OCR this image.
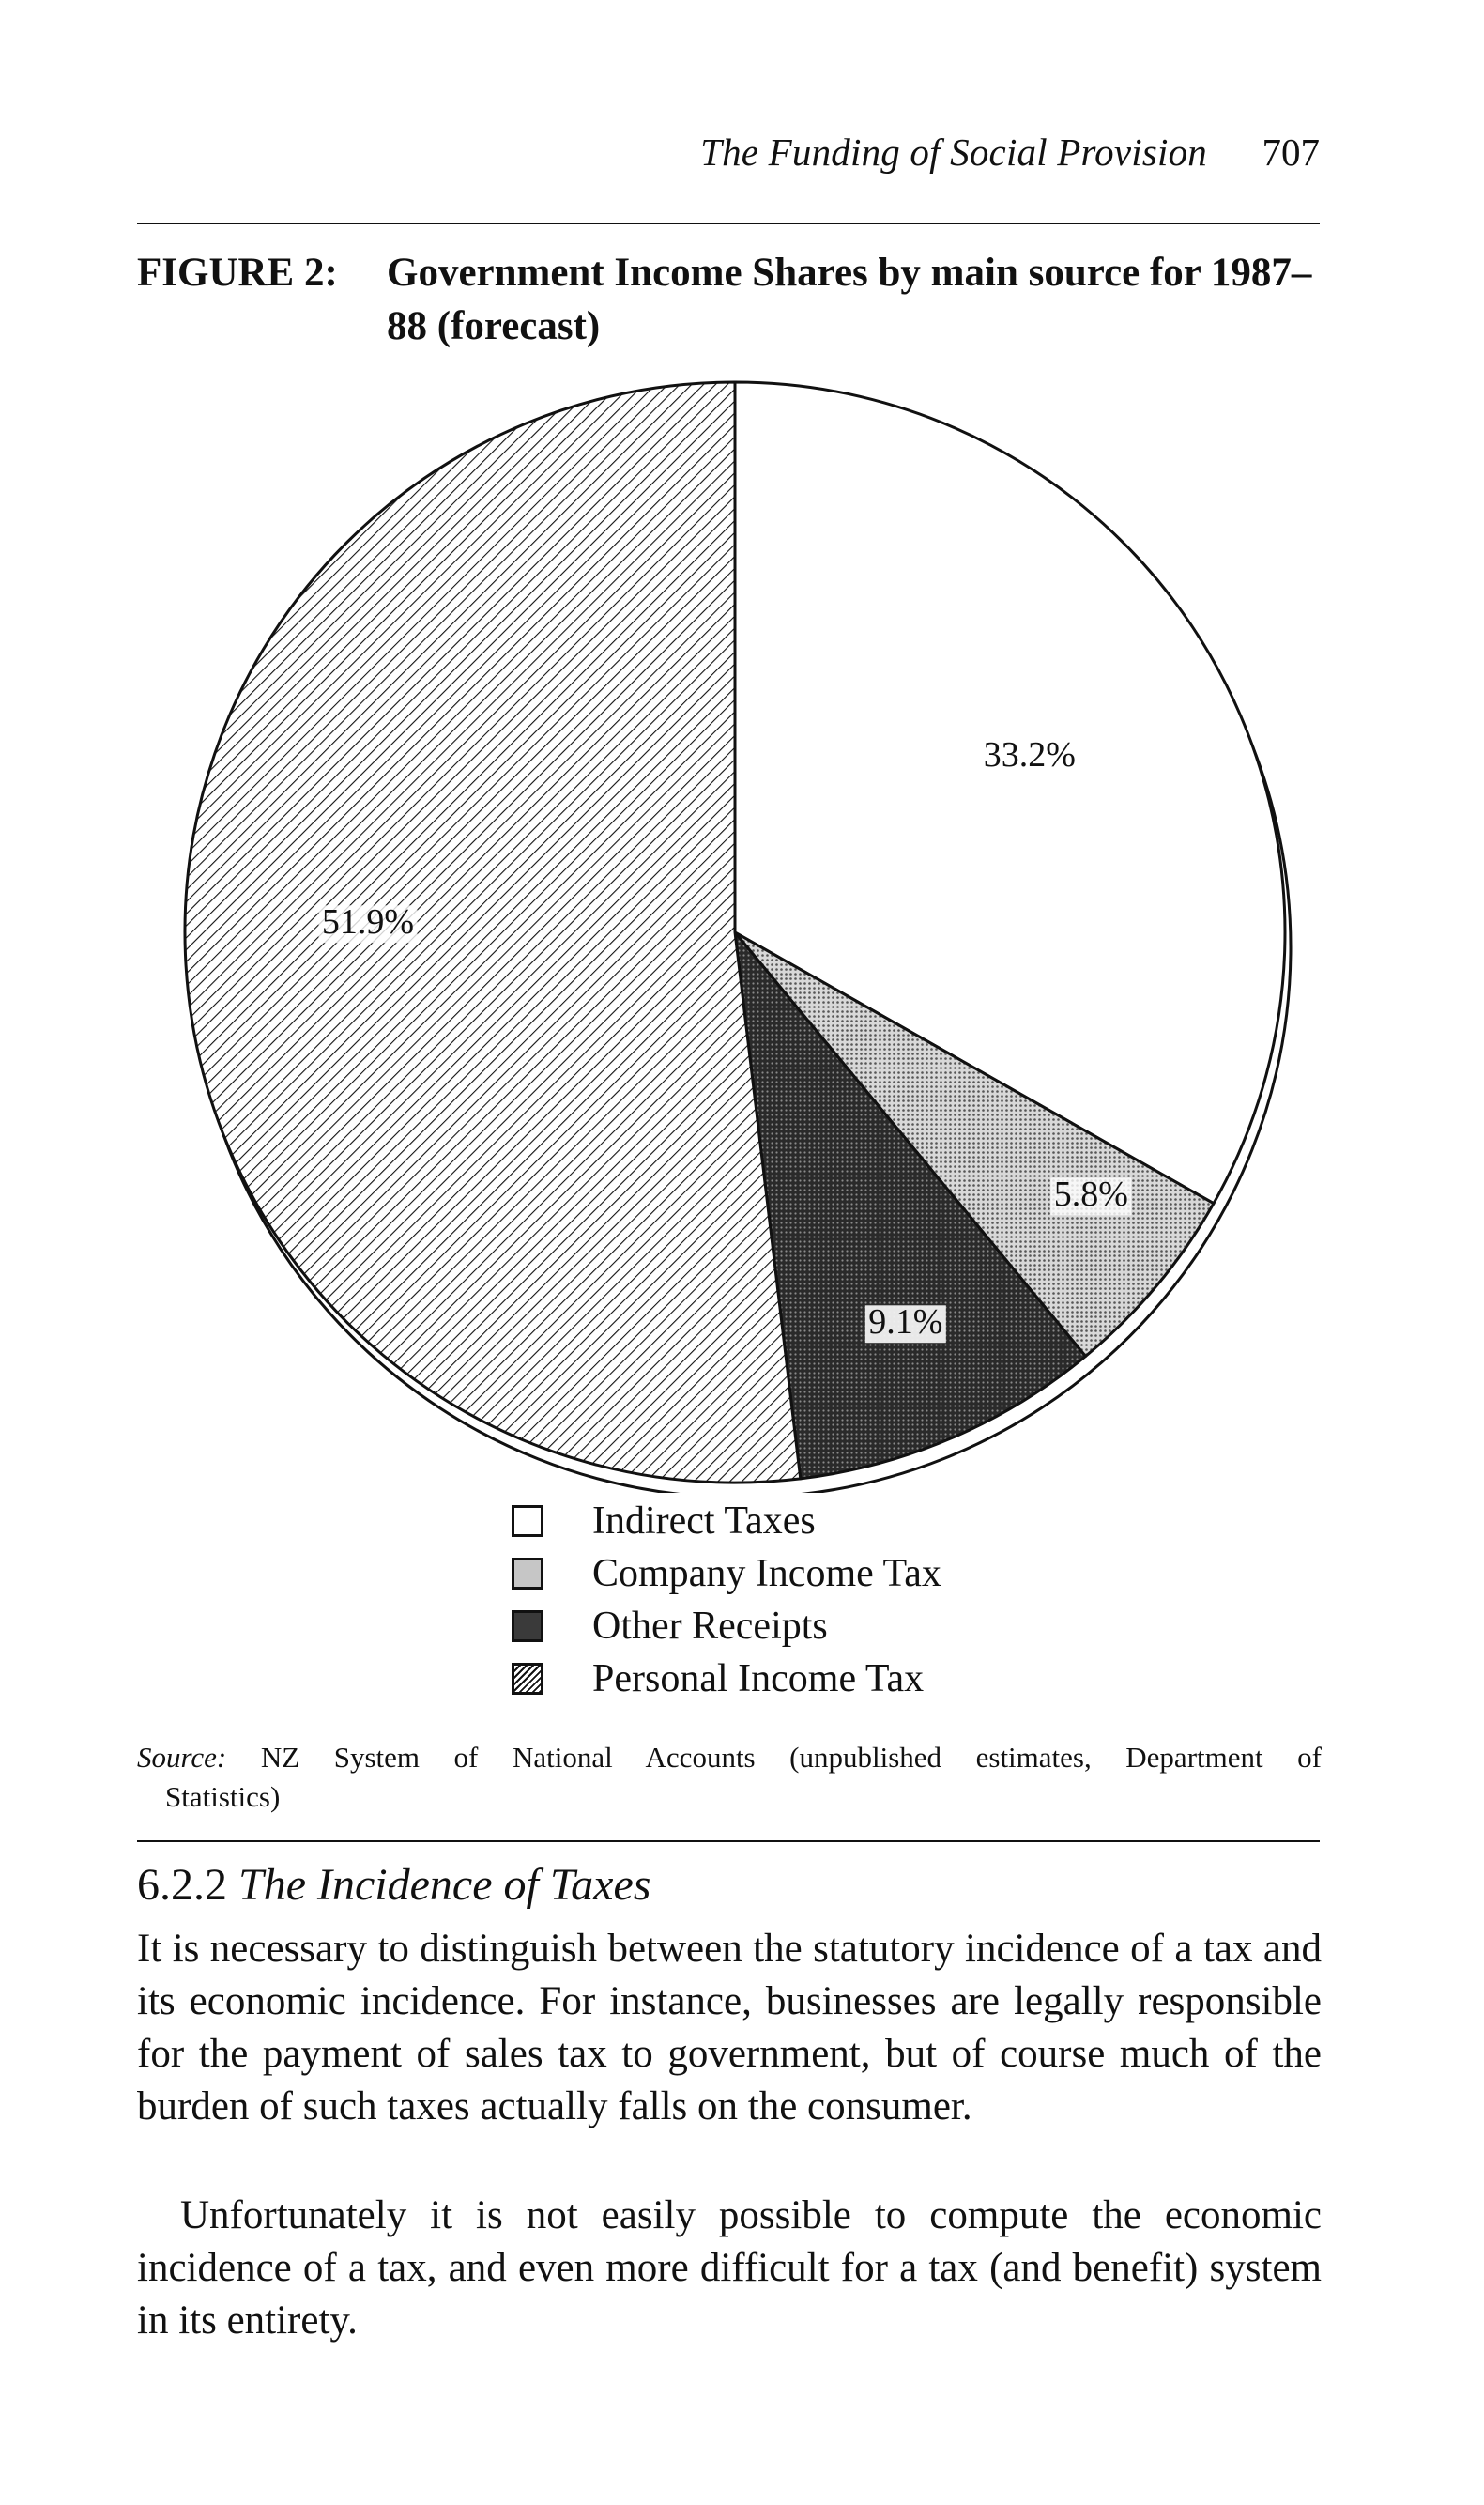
The Funding of Social Provision 707
FIGURE 2: Government Income Shares by main source for 1987–88 (forecast)
33.2%
5.8%
9.1%
51.9%
Indirect Taxes
Company Income Tax
Other Receipts
Personal Income Tax
Source: NZ System of National Accounts (unpublished estimates, Department of
Statistics)
6.2.2 The Incidence of Taxes

It is necessary to distinguish between the statutory incidence of a tax and its economic incidence. For instance, businesses are legally responsible for the payment of sales tax to government, but of course much of the burden of such taxes actually falls on the consumer.

Unfortunately it is not easily possible to compute the economic incidence of a tax, and even more difficult for a tax (and benefit) system in its entirety.
